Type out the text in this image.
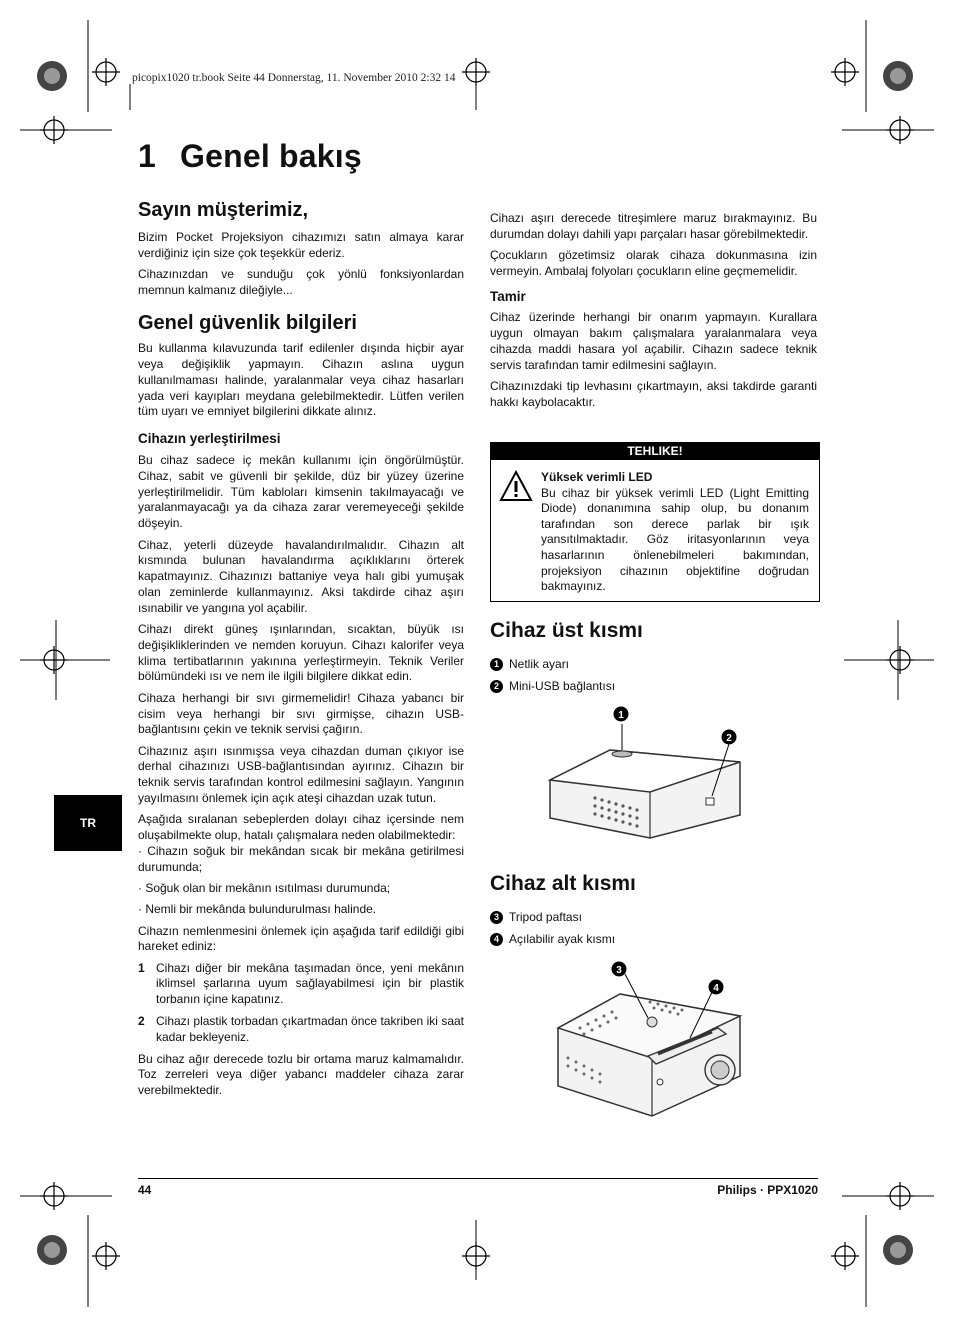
picopix1020 tr.book Seite 44 Donnerstag, 11. November 2010 2:32 14
1 Genel bakış
Sayın müşterimiz,

Bizim Pocket Projeksiyon cihazımızı satın almaya karar verdiğiniz için size çok teşekkür ederiz.

Cihazınızdan ve sunduğu çok yönlü fonksiyonlardan memnun kalmanız dileğiyle...

Genel güvenlik bilgileri

Bu kullanma kılavuzunda tarif edilenler dışında hiçbir ayar veya değişiklik yapmayın. Cihazın aslına uygun kullanılmaması halinde, yaralanmalar veya cihaz hasarları yada veri kayıpları meydana gelebilmektedir. Lütfen verilen tüm uyarı ve emniyet bilgilerini dikkate alınız.

Cihazın yerleştirilmesi

Bu cihaz sadece iç mekân kullanımı için öngörülmüştür. Cihaz, sabit ve güvenli bir şekilde, düz bir yüzey üzerine yerleştirilmelidir. Tüm kabloları kimsenin takılmayacağı ve yaralanmayacağı ya da cihaza zarar veremeyeceği şekilde döşeyin.

Cihaz, yeterli düzeyde havalandırılmalıdır. Cihazın alt kısmında bulunan havalandırma açıklıklarını örterek kapatmayınız. Cihazınızı battaniye veya halı gibi yumuşak olan zeminlerde kullanmayınız. Aksi takdirde cihaz aşırı ısınabilir ve yangına yol açabilir.

Cihazı direkt güneş ışınlarından, sıcaktan, büyük ısı değişikliklerinden ve nemden koruyun. Cihazı kalorifer veya klima tertibatlarının yakınına yerleştirmeyin. Teknik Veriler bölümündeki ısı ve nem ile ilgili bilgilere dikkat edin.

Cihaza herhangi bir sıvı girmemelidir! Cihaza yabancı bir cisim veya herhangi bir sıvı girmişse, cihazın USB-bağlantısını çekin ve teknik servisi çağırın.

Cihazınız aşırı ısınmışsa veya cihazdan duman çıkıyor ise derhal cihazınızı USB-bağlantısından ayırınız. Cihazın bir teknik servis tarafından kontrol edilmesini sağlayın. Yangının yayılmasını önlemek için açık ateşi cihazdan uzak tutun.

Aşağıda sıralanan sebeplerden dolayı cihaz içersinde nem oluşabilmekte olup, hatalı çalışmalara neden olabilmektedir:

· Cihazın soğuk bir mekândan sıcak bir mekâna getirilmesi durumunda;

· Soğuk olan bir mekânın ısıtılması durumunda;

· Nemli bir mekânda bulundurulması halinde.

Cihazın nemlenmesini önlemek için aşağıda tarif edildiği gibi hareket ediniz:

1 Cihazı diğer bir mekâna taşımadan önce, yeni mekânın iklimsel şarlarına uyum sağlayabilmesi için bir plastik torbanın içine kapatınız.
2 Cihazı plastik torbadan çıkartmadan önce takriben iki saat kadar bekleyeniz.

Bu cihaz ağır derecede tozlu bir ortama maruz kalmamalıdır. Toz zerreleri veya diğer yabancı maddeler cihaza zarar verebilmektedir.

Cihazı aşırı derecede titreşimlere maruz bırakmayınız. Bu durumdan dolayı dahili yapı parçaları hasar görebilmektedir.

Çocukların gözetimsiz olarak cihaza dokunmasına izin vermeyin. Ambalaj folyoları çocukların eline geçmemelidir.

Tamir

Cihaz üzerinde herhangi bir onarım yapmayın. Kurallara uygun olmayan bakım çalışmalara yaralanmalara veya cihazda maddi hasara yol açabilir. Cihazın sadece teknik servis tarafından tamir edilmesini sağlayın.

Cihazınızdaki tip levhasını çıkartmayın, aksi takdirde garanti hakkı kaybolacaktır.

TEHLIKE!
Yüksek verimli LED
Bu cihaz bir yüksek verimli LED (Light Emitting Diode) donanımına sahip olup, bu donanım tarafından son derece parlak bir ışık yansıtılmaktadır. Göz iritasyonlarının veya hasarlarının önlenebilmeleri bakımından, projeksiyon cihazının objektifine doğrudan bakmayınız.
Cihaz üst kısmı
1 Netlik ayarı
2 Mini-USB bağlantısı
1
2
Cihaz alt kısmı
3 Tripod paftası
4 Açılabilir ayak kısmı
3
4
TR
44	Philips · PPX1020
